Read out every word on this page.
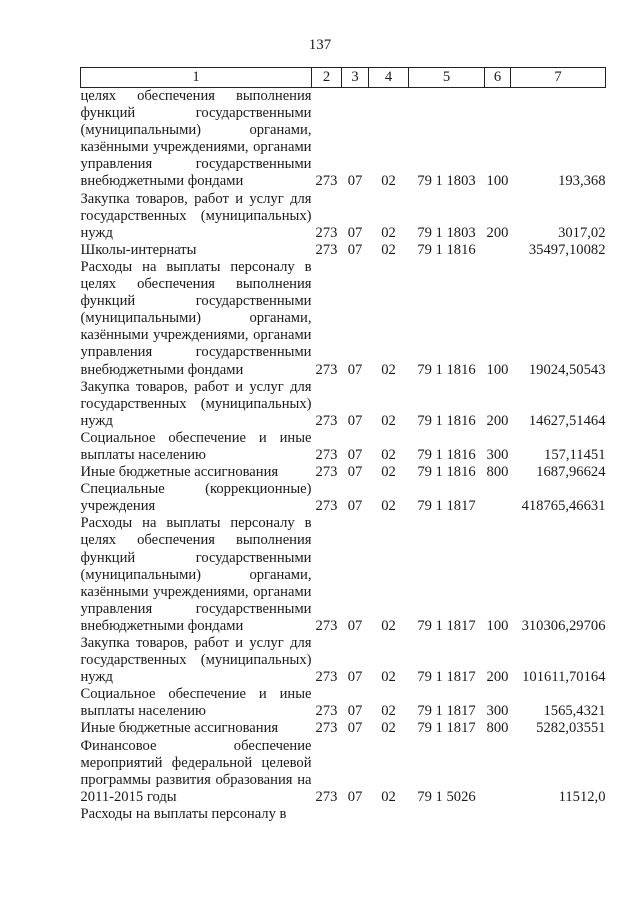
137
1	2	3	4	5	6	7
целях обеспечения выполнения функций государственными (муниципальными) органами, казёнными учреждениями, органами управления государственными внебюджетными фондами	273	07	02	79 1 1803	100	193,368
Закупка товаров, работ и услуг для государственных (муниципальных) нужд	273	07	02	79 1 1803	200	3017,02
Школы-интернаты	273	07	02	79 1 1816		35497,10082
Расходы на выплаты персоналу в целях обеспечения выполнения функций государственными (муниципальными) органами, казёнными учреждениями, органами управления государственными внебюджетными фондами	273	07	02	79 1 1816	100	19024,50543
Закупка товаров, работ и услуг для государственных (муниципальных) нужд	273	07	02	79 1 1816	200	14627,51464
Социальное обеспечение и иные выплаты населению	273	07	02	79 1 1816	300	157,11451
Иные бюджетные ассигнования	273	07	02	79 1 1816	800	1687,96624
Специальные (коррекционные) учреждения	273	07	02	79 1 1817		418765,46631
Расходы на выплаты персоналу в целях обеспечения выполнения функций государственными (муниципальными) органами, казёнными учреждениями, органами управления государственными внебюджетными фондами	273	07	02	79 1 1817	100	310306,29706
Закупка товаров, работ и услуг для государственных (муниципальных) нужд	273	07	02	79 1 1817	200	101611,70164
Социальное обеспечение и иные выплаты населению	273	07	02	79 1 1817	300	1565,4321
Иные бюджетные ассигнования	273	07	02	79 1 1817	800	5282,03551
Финансовое обеспечение мероприятий федеральной целевой программы развития образования на 2011-2015 годы	273	07	02	79 1 5026		11512,0
Расходы на выплаты персоналу в						
